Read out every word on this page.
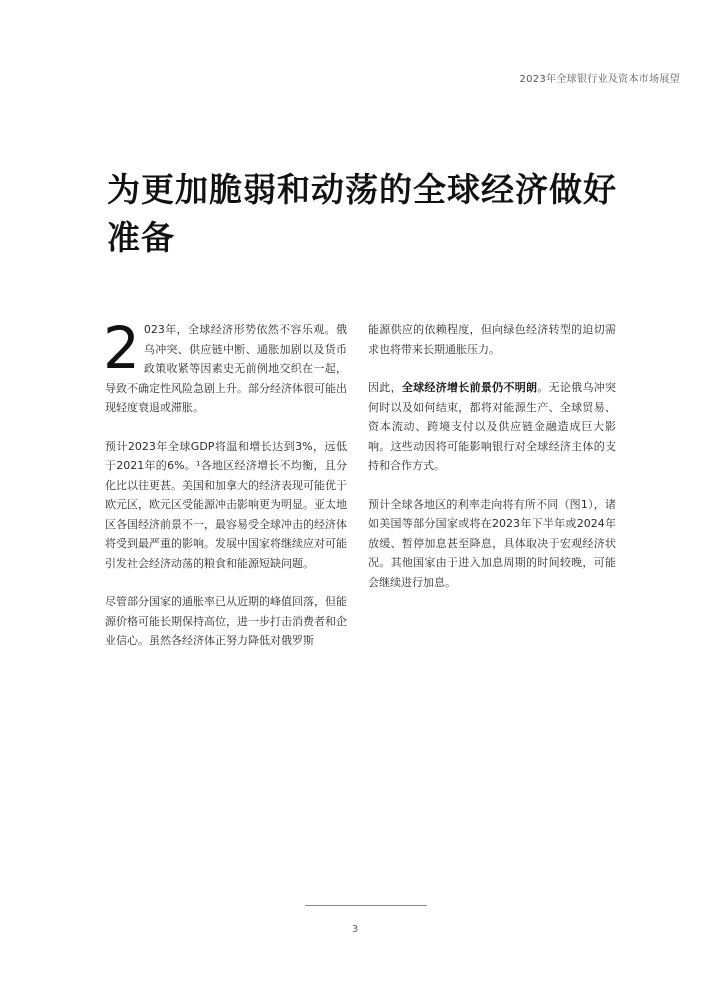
2023年全球银行业及资本市场展望
为更加脆弱和动荡的全球经济做好准备

2 023年，全球经济形势依然不容乐观。俄乌冲突、供应链中断、通胀加剧以及货币政策收紧等因素史无前例地交织在一起，导致不确定性风险急剧上升。部分经济体很可能出现轻度衰退或滞胀。

预计2023年全球GDP将温和增长达到3%，远低于2021年的6%。¹各地区经济增长不均衡，且分化比以往更甚。美国和加拿大的经济表现可能优于欧元区，欧元区受能源冲击影响更为明显。亚太地区各国经济前景不一，最容易受全球冲击的经济体将受到最严重的影响。发展中国家将继续应对可能引发社会经济动荡的粮食和能源短缺问题。

尽管部分国家的通胀率已从近期的峰值回落，但能源价格可能长期保持高位，进一步打击消费者和企业信心。虽然各经济体正努力降低对俄罗斯

能源供应的依赖程度，但向绿色经济转型的迫切需求也将带来长期通胀压力。

因此，全球经济增长前景仍不明朗。无论俄乌冲突何时以及如何结束，都将对能源生产、全球贸易、资本流动、跨境支付以及供应链金融造成巨大影响。这些动因将可能影响银行对全球经济主体的支持和合作方式。

预计全球各地区的利率走向将有所不同（图1），诸如美国等部分国家或将在2023年下半年或2024年放缓、暂停加息甚至降息，具体取决于宏观经济状况。其他国家由于进入加息周期的时间较晚，可能会继续进行加息。

3
